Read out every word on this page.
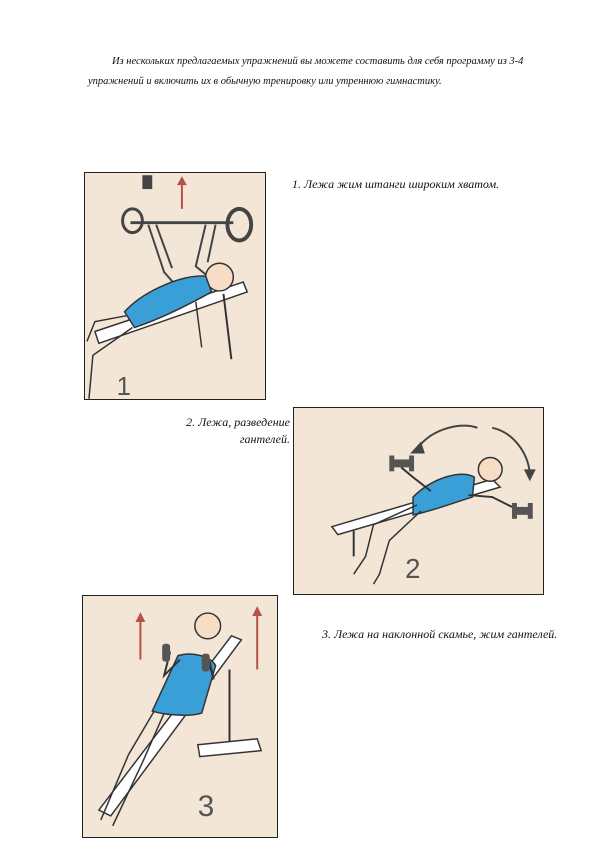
Из нескольких предлагаемых упражнений вы можете составить для себя программу из 3-4 упражнений и включить их в обычную тренировку или утреннюю гимнастику.

1

1. Лежа жим штанги широким хватом.

2. Лежа, разведение гантелей.

2
3

3. Лежа на наклонной скамье, жим гантелей.
